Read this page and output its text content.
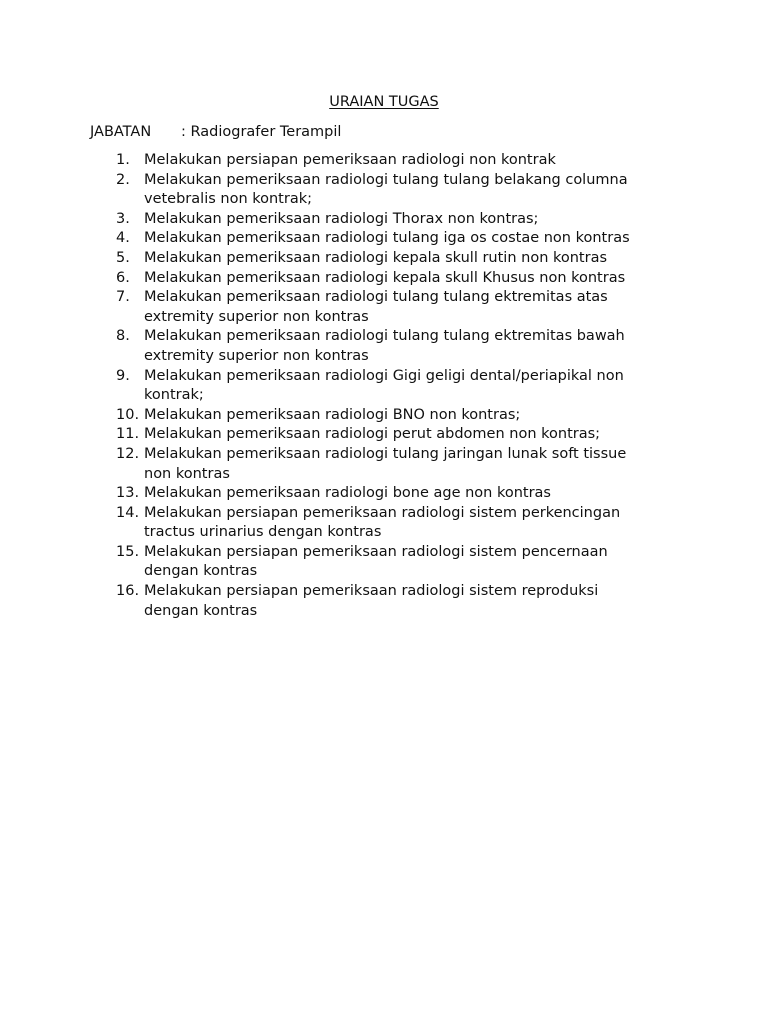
URAIAN TUGAS
JABATAN : Radiografer Terampil
1. Melakukan persiapan pemeriksaan radiologi non kontrak
2. Melakukan pemeriksaan radiologi tulang tulang belakang columna vetebralis non kontrak;
3. Melakukan pemeriksaan radiologi Thorax non kontras;
4. Melakukan pemeriksaan radiologi tulang iga os costae non kontras
5. Melakukan pemeriksaan radiologi kepala skull rutin non kontras
6. Melakukan pemeriksaan radiologi kepala skull Khusus non kontras
7. Melakukan pemeriksaan radiologi tulang tulang ektremitas atas extremity superior non kontras
8. Melakukan pemeriksaan radiologi tulang tulang ektremitas bawah extremity superior non kontras
9. Melakukan pemeriksaan radiologi Gigi geligi dental/periapikal non kontrak;
10. Melakukan pemeriksaan radiologi BNO non kontras;
11. Melakukan pemeriksaan radiologi perut abdomen non kontras;
12. Melakukan pemeriksaan radiologi tulang jaringan lunak soft tissue non kontras
13. Melakukan pemeriksaan radiologi bone age non kontras
14. Melakukan persiapan pemeriksaan radiologi sistem perkencingan tractus urinarius dengan kontras
15. Melakukan persiapan pemeriksaan radiologi sistem pencernaan dengan kontras
16. Melakukan persiapan pemeriksaan radiologi sistem reproduksi dengan kontras
